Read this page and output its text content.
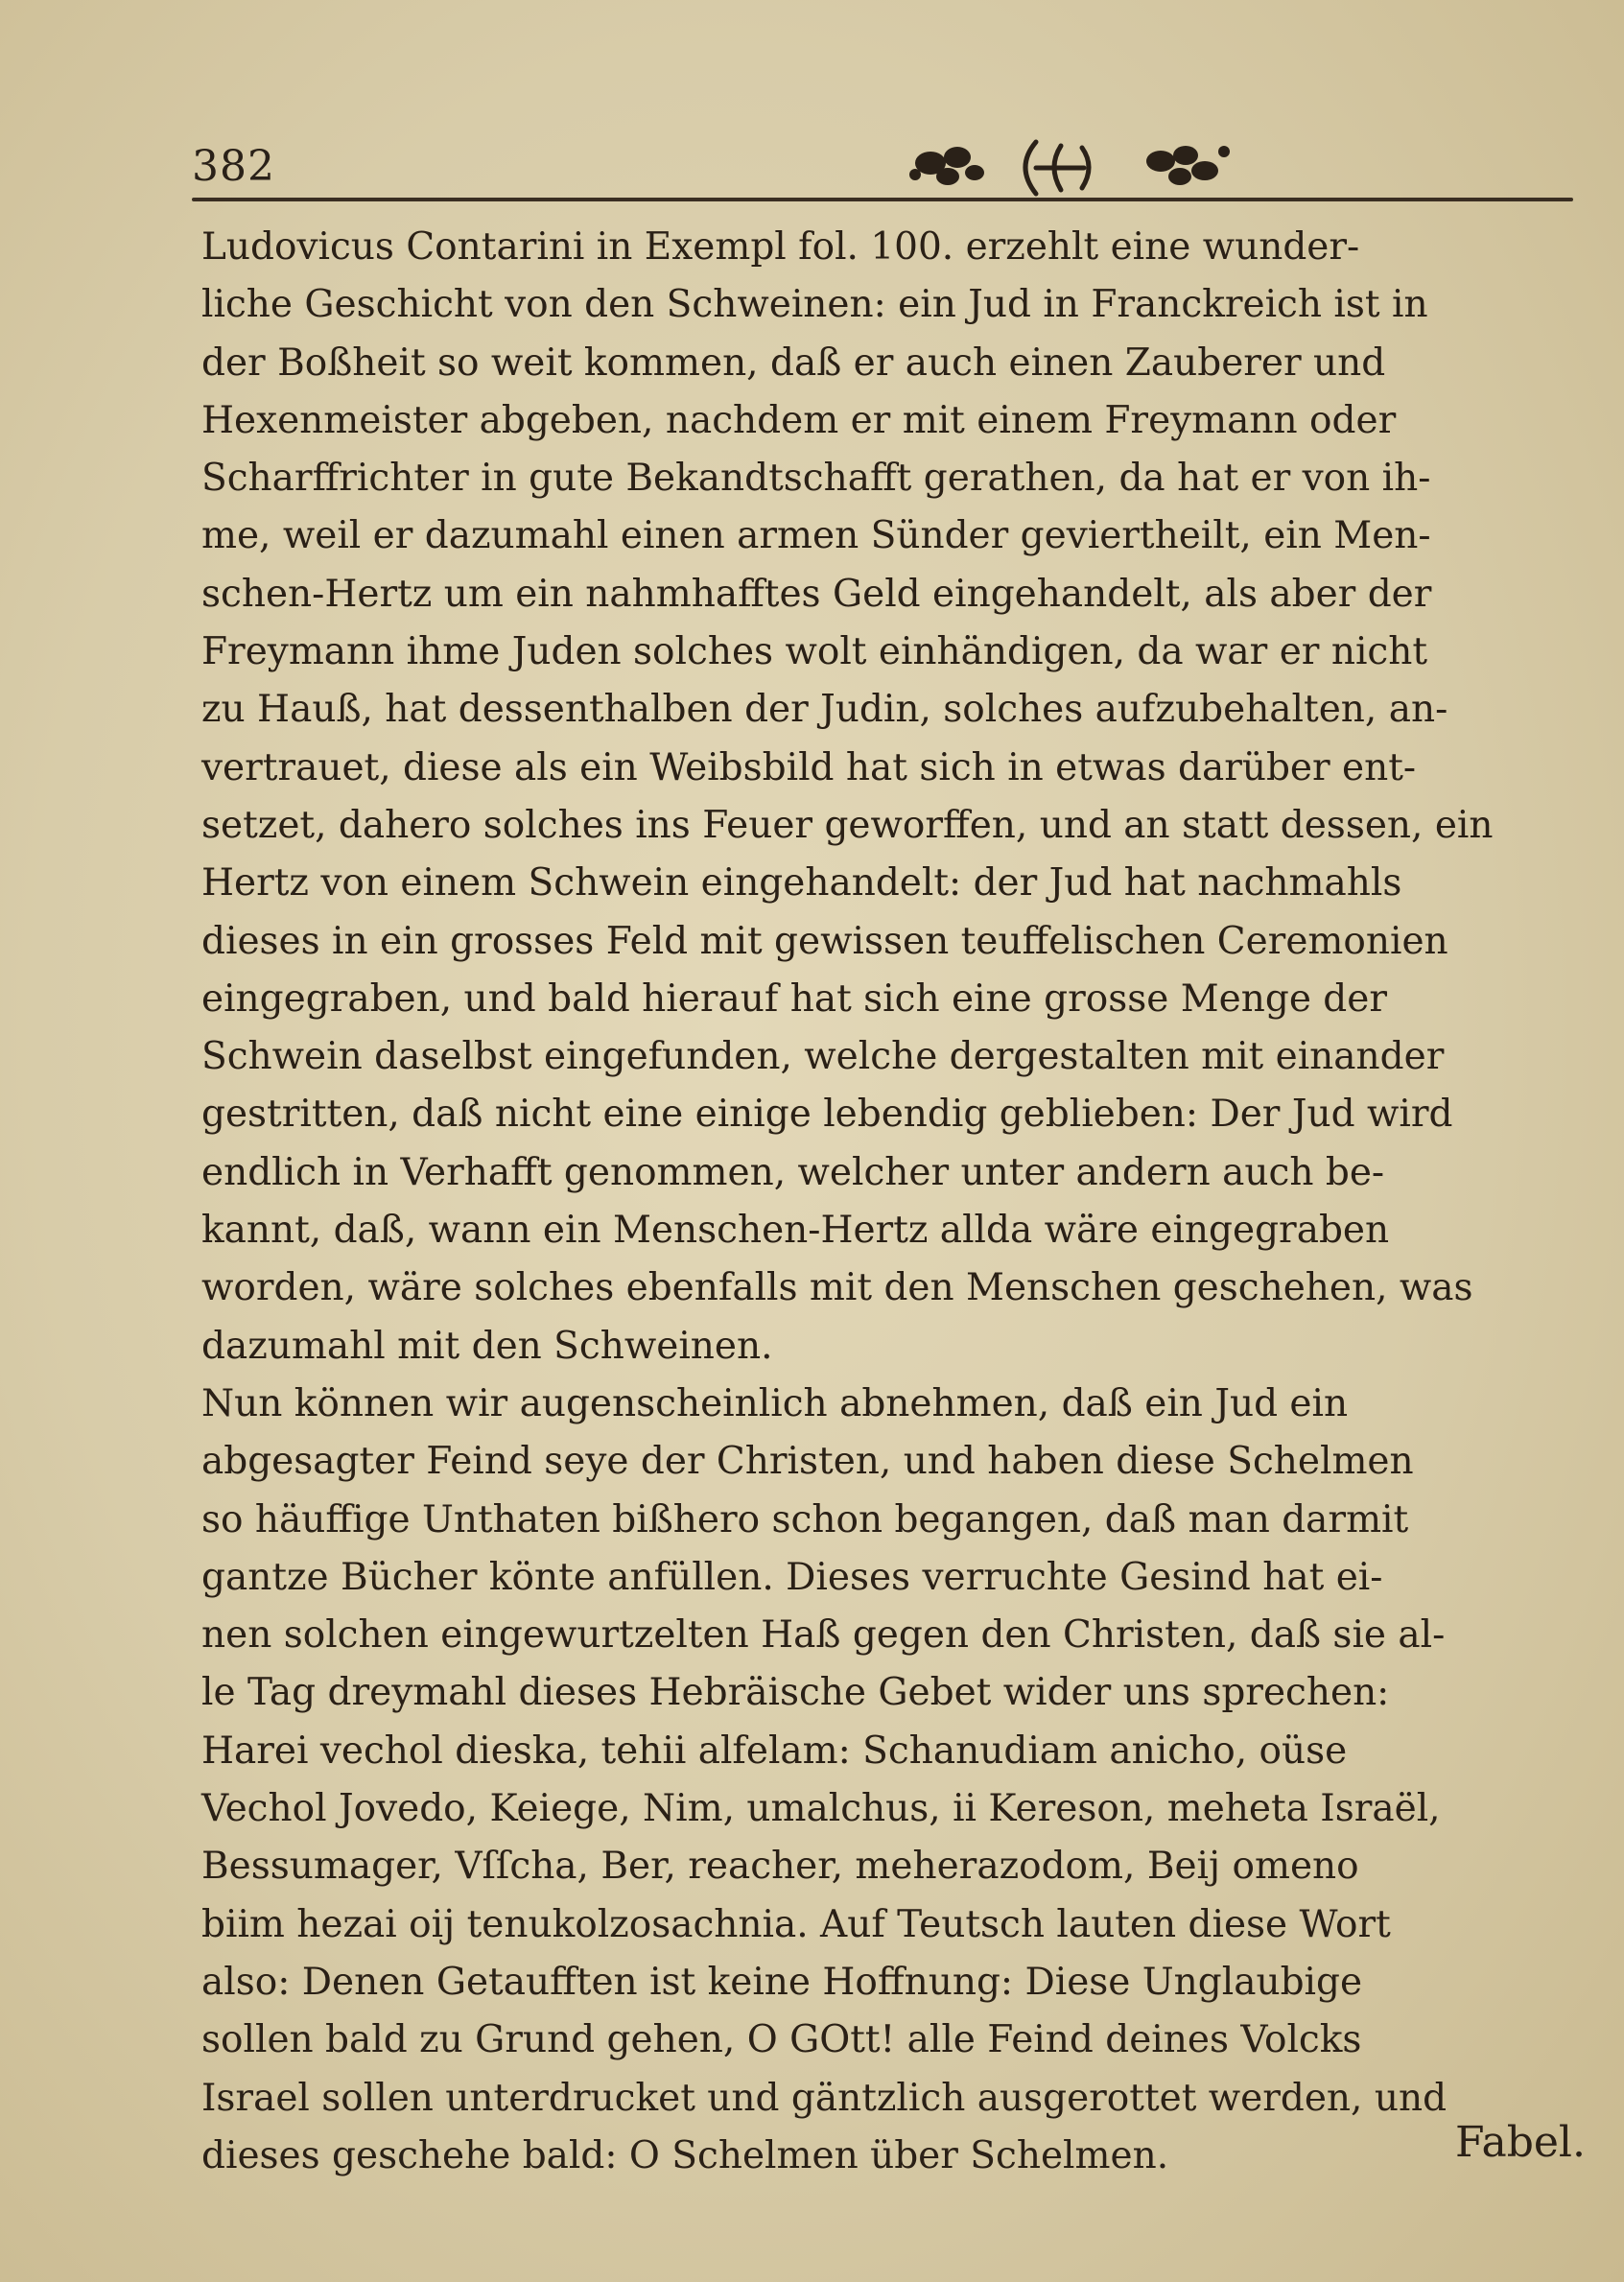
382
Ludovicus Contarini in Exempl fol. 100. erzehlt eine wunder-
liche Geschicht von den Schweinen: ein Jud in Franckreich ist in
der Boßheit so weit kommen, daß er auch einen Zauberer und
Hexenmeister abgeben, nachdem er mit einem Freymann oder
Scharffrichter in gute Bekandtschafft gerathen, da hat er von ih-
me, weil er dazumahl einen armen Sünder geviertheilt, ein Men-
schen-Hertz um ein nahmhafftes Geld eingehandelt, als aber der
Freymann ihme Juden solches wolt einhändigen, da war er nicht
zu Hauß, hat dessenthalben der Judin, solches aufzubehalten, an-
vertrauet, diese als ein Weibsbild hat sich in etwas darüber ent-
setzet, dahero solches ins Feuer geworffen, und an statt dessen, ein
Hertz von einem Schwein eingehandelt: der Jud hat nachmahls
dieses in ein grosses Feld mit gewissen teuffelischen Ceremonien
eingegraben, und bald hierauf hat sich eine grosse Menge der
Schwein daselbst eingefunden, welche dergestalten mit einander
gestritten, daß nicht eine einige lebendig geblieben: Der Jud wird
endlich in Verhafft genommen, welcher unter andern auch be-
kannt, daß, wann ein Menschen-Hertz allda wäre eingegraben
worden, wäre solches ebenfalls mit den Menschen geschehen, was
dazumahl mit den Schweinen.
Nun können wir augenscheinlich abnehmen, daß ein Jud ein
abgesagter Feind seye der Christen, und haben diese Schelmen
so häuffige Unthaten bißhero schon begangen, daß man darmit
gantze Bücher könte anfüllen. Dieses verruchte Gesind hat ei-
nen solchen eingewurtzelten Haß gegen den Christen, daß sie al-
le Tag dreymahl dieses Hebräische Gebet wider uns sprechen:
Harei vechol dieska, tehii alfelam: Schanudiam anicho, oüse
Vechol Jovedo, Keiege, Nim, umalchus, ii Kereson, meheta Israël,
Bessumager, Vſſcha, Ber, reacher, meherazodom, Beij omeno
biim hezai oij tenukolzosachnia. Auf Teutsch lauten diese Wort
also: Denen Getaufften ist keine Hoffnung: Diese Unglaubige
sollen bald zu Grund gehen, O GOtt! alle Feind deines Volcks
Israel sollen unterdrucket und gäntzlich ausgerottet werden, und
dieses geschehe bald: O Schelmen über Schelmen.	Fabel.
